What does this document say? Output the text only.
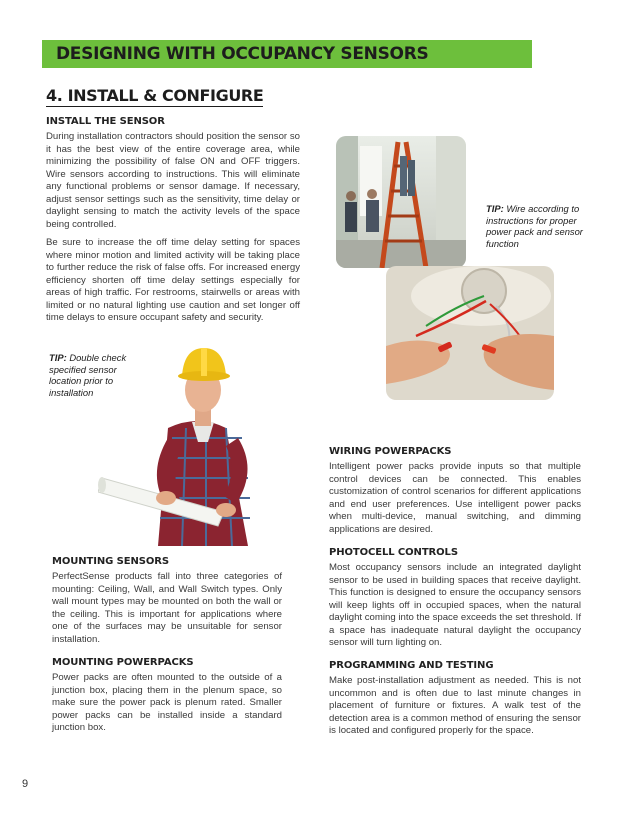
DESIGNING WITH OCCUPANCY SENSORS
4. INSTALL & CONFIGURE
INSTALL THE SENSOR

During installation contractors should position the sensor so it has the best view of the entire coverage area, while minimizing the possibility of false ON and OFF triggers. Wire sensors according to instructions. This will eliminate any functional problems or sensor damage. If necessary, adjust sensor settings such as the sensitivity, time delay or daylight sensing to match the activity levels of the space being controlled.

Be sure to increase the off time delay setting for spaces where minor motion and limited activity will be taking place to further reduce the risk of false offs. For increased energy efficiency shorten off time delay settings especially for areas of high traffic. For restrooms, stairwells or areas with limited or no natural lighting use caution and set longer off time delays to ensure occupant safety and security.

TIP: Wire according to instructions for proper power pack and sensor function
TIP: Double check specified sensor location prior to installation
MOUNTING SENSORS

PerfectSense products fall into three categories of mounting: Ceiling, Wall, and Wall Switch types. Only wall mount types may be mounted on both the wall or the ceiling. This is important for applications where one of the surfaces may be unsuitable for sensor installation.

MOUNTING POWERPACKS

Power packs are often mounted to the outside of a junction box, placing them in the plenum space, so make sure the power pack is plenum rated. Smaller power packs can be installed inside a standard junction box.

WIRING POWERPACKS

Intelligent power packs provide inputs so that multiple control devices can be connected. This enables customization of control scenarios for different applications and end user preferences. Use intelligent power packs when multi-device, manual switching, and dimming applications are desired.

PHOTOCELL CONTROLS

Most occupancy sensors include an integrated daylight sensor to be used in building spaces that receive daylight. This function is designed to ensure the occupancy sensors will keep lights off in occupied spaces, when the natural daylight coming into the space exceeds the set threshold. If a space has inadequate natural daylight the occupancy sensor will turn lighting on.

PROGRAMMING AND TESTING

Make post-installation adjustment as needed. This is not uncommon and is often due to last minute changes in placement of furniture or fixtures. A walk test of the detection area is a common method of ensuring the sensor is located and configured properly for the space.

9
